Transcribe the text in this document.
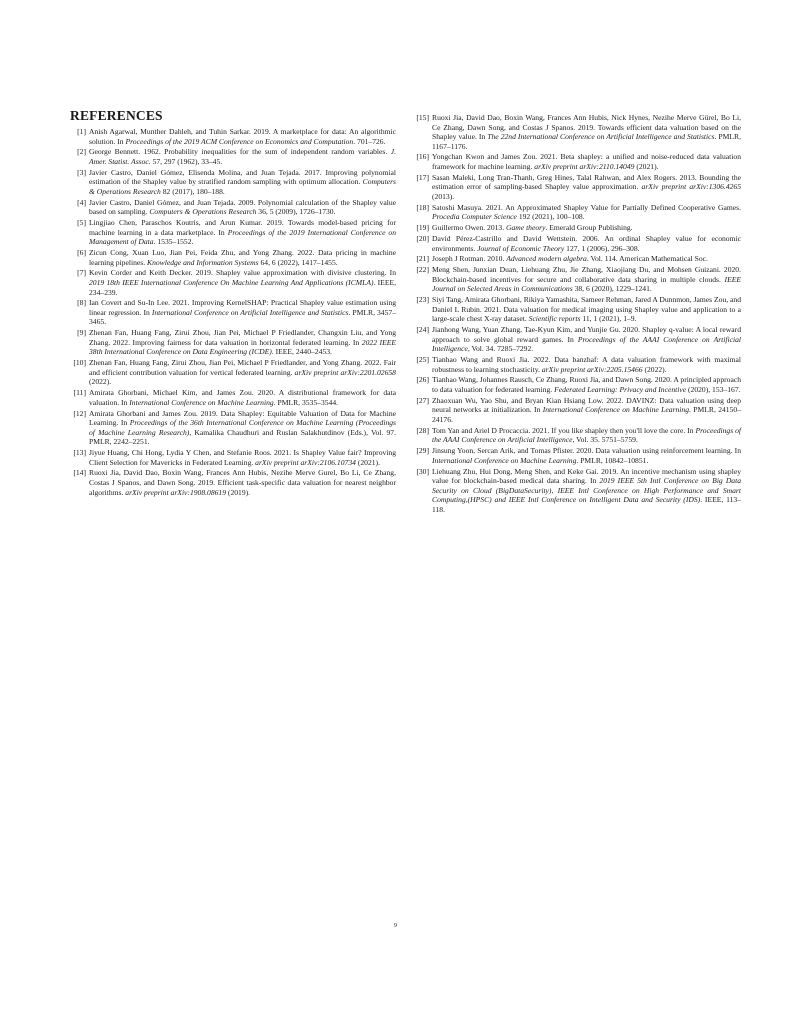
REFERENCES
[1] Anish Agarwal, Munther Dahleh, and Tuhin Sarkar. 2019. A marketplace for data: An algorithmic solution. In Proceedings of the 2019 ACM Conference on Economics and Computation. 701–726.
[2] George Bennett. 1962. Probability inequalities for the sum of independent random variables. J. Amer. Statist. Assoc. 57, 297 (1962), 33–45.
[3] Javier Castro, Daniel Gómez, Elisenda Molina, and Juan Tejada. 2017. Improving polynomial estimation of the Shapley value by stratified random sampling with optimum allocation. Computers & Operations Research 82 (2017), 180–188.
[4] Javier Castro, Daniel Gómez, and Juan Tejada. 2009. Polynomial calculation of the Shapley value based on sampling. Computers & Operations Research 36, 5 (2009), 1726–1730.
[5] Lingjiao Chen, Paraschos Koutris, and Arun Kumar. 2019. Towards model-based pricing for machine learning in a data marketplace. In Proceedings of the 2019 International Conference on Management of Data. 1535–1552.
[6] Zicun Cong, Xuan Luo, Jian Pei, Feida Zhu, and Yong Zhang. 2022. Data pricing in machine learning pipelines. Knowledge and Information Systems 64, 6 (2022), 1417–1455.
[7] Kevin Corder and Keith Decker. 2019. Shapley value approximation with divisive clustering. In 2019 18th IEEE International Conference On Machine Learning And Applications (ICMLA). IEEE, 234–239.
[8] Ian Covert and Su-In Lee. 2021. Improving KernelSHAP: Practical Shapley value estimation using linear regression. In International Conference on Artificial Intelligence and Statistics. PMLR, 3457–3465.
[9] Zhenan Fan, Huang Fang, Zirui Zhou, Jian Pei, Michael P Friedlander, Changxin Liu, and Yong Zhang. 2022. Improving fairness for data valuation in horizontal federated learning. In 2022 IEEE 38th International Conference on Data Engineering (ICDE). IEEE, 2440–2453.
[10] Zhenan Fan, Huang Fang, Zirui Zhou, Jian Pei, Michael P Friedlander, and Yong Zhang. 2022. Fair and efficient contribution valuation for vertical federated learning. arXiv preprint arXiv:2201.02658 (2022).
[11] Amirata Ghorbani, Michael Kim, and James Zou. 2020. A distributional framework for data valuation. In International Conference on Machine Learning. PMLR, 3535–3544.
[12] Amirata Ghorbani and James Zou. 2019. Data Shapley: Equitable Valuation of Data for Machine Learning. In Proceedings of the 36th International Conference on Machine Learning (Proceedings of Machine Learning Research), Kamalika Chaudhuri and Ruslan Salakhutdinov (Eds.), Vol. 97. PMLR, 2242–2251.
[13] Jiyue Huang, Chi Hong, Lydia Y Chen, and Stefanie Roos. 2021. Is Shapley Value fair? Improving Client Selection for Mavericks in Federated Learning. arXiv preprint arXiv:2106.10734 (2021).
[14] Ruoxi Jia, David Dao, Boxin Wang, Frances Ann Hubis, Nezihe Merve Gurel, Bo Li, Ce Zhang, Costas J Spanos, and Dawn Song. 2019. Efficient task-specific data valuation for nearest neighbor algorithms. arXiv preprint arXiv:1908.08619 (2019).
[15] Ruoxi Jia, David Dao, Boxin Wang, Frances Ann Hubis, Nick Hynes, Nezihe Merve Gürel, Bo Li, Ce Zhang, Dawn Song, and Costas J Spanos. 2019. Towards efficient data valuation based on the Shapley value. In The 22nd International Conference on Artificial Intelligence and Statistics. PMLR, 1167–1176.
[16] Yongchan Kwon and James Zou. 2021. Beta shapley: a unified and noise-reduced data valuation framework for machine learning. arXiv preprint arXiv:2110.14049 (2021).
[17] Sasan Maleki, Long Tran-Thanh, Greg Hines, Talal Rahwan, and Alex Rogers. 2013. Bounding the estimation error of sampling-based Shapley value approximation. arXiv preprint arXiv:1306.4265 (2013).
[18] Satoshi Masuya. 2021. An Approximated Shapley Value for Partially Defined Cooperative Games. Procedia Computer Science 192 (2021), 100–108.
[19] Guillermo Owen. 2013. Game theory. Emerald Group Publishing.
[20] David Pérez-Castrillo and David Wettstein. 2006. An ordinal Shapley value for economic environments. Journal of Economic Theory 127, 1 (2006), 296–308.
[21] Joseph J Rotman. 2010. Advanced modern algebra. Vol. 114. American Mathematical Soc.
[22] Meng Shen, Junxian Duan, Liehuang Zhu, Jie Zhang, Xiaojiang Du, and Mohsen Guizani. 2020. Blockchain-based incentives for secure and collaborative data sharing in multiple clouds. IEEE Journal on Selected Areas in Communications 38, 6 (2020), 1229–1241.
[23] Siyi Tang, Amirata Ghorbani, Rikiya Yamashita, Sameer Rehman, Jared A Dunnmon, James Zou, and Daniel L Rubin. 2021. Data valuation for medical imaging using Shapley value and application to a large-scale chest X-ray dataset. Scientific reports 11, 1 (2021), 1–9.
[24] Jianhong Wang, Yuan Zhang, Tae-Kyun Kim, and Yunjie Gu. 2020. Shapley q-value: A local reward approach to solve global reward games. In Proceedings of the AAAI Conference on Artificial Intelligence, Vol. 34. 7285–7292.
[25] Tianhao Wang and Ruoxi Jia. 2022. Data banzhaf: A data valuation framework with maximal robustness to learning stochasticity. arXiv preprint arXiv:2205.15466 (2022).
[26] Tianhao Wang, Johannes Rausch, Ce Zhang, Ruoxi Jia, and Dawn Song. 2020. A principled approach to data valuation for federated learning. Federated Learning: Privacy and Incentive (2020), 153–167.
[27] Zhaoxuan Wu, Yao Shu, and Bryan Kian Hsiang Low. 2022. DAVINZ: Data valuation using deep neural networks at initialization. In International Conference on Machine Learning. PMLR, 24150–24176.
[28] Tom Yan and Ariel D Procaccia. 2021. If you like shapley then you'll love the core. In Proceedings of the AAAI Conference on Artificial Intelligence, Vol. 35. 5751–5759.
[29] Jinsung Yoon, Sercan Arik, and Tomas Pfister. 2020. Data valuation using reinforcement learning. In International Conference on Machine Learning. PMLR, 10842–10851.
[30] Liehuang Zhu, Hui Dong, Meng Shen, and Keke Gai. 2019. An incentive mechanism using shapley value for blockchain-based medical data sharing. In 2019 IEEE 5th Intl Conference on Big Data Security on Cloud (BigDataSecurity), IEEE Intl Conference on High Performance and Smart Computing,(HPSC) and IEEE Intl Conference on Intelligent Data and Security (IDS). IEEE, 113–118.
9
